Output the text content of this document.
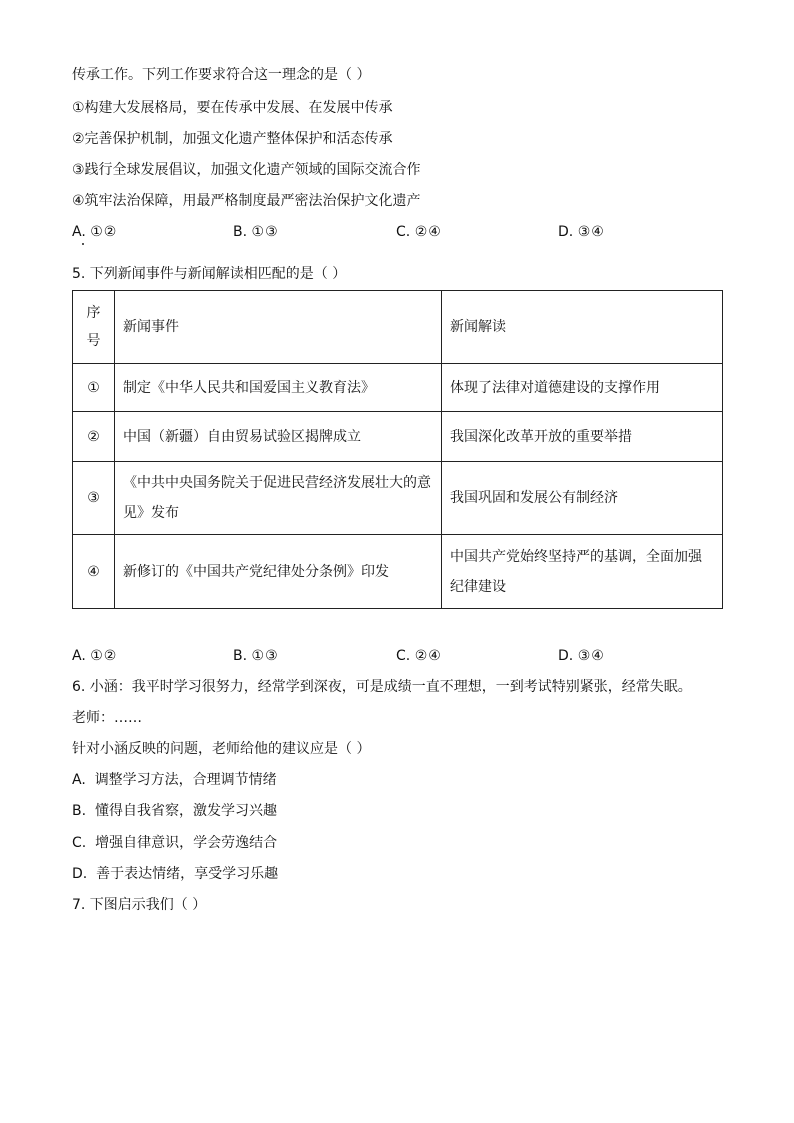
传承工作。下列工作要求符合这一理念的是（ ）
①构建大发展格局，要在传承中发展、在发展中传承
②完善保护机制，加强文化遗产整体保护和活态传承
③践行全球发展倡议，加强文化遗产领域的国际交流合作
④筑牢法治保障，用最严格制度最严密法治保护文化遗产
A. ①②	B. ①③	C. ②④	D. ③④
5. 下列新闻事件与新闻解读相匹配的是（ ）
序号	新闻事件	新闻解读
①	制定《中华人民共和国爱国主义教育法》	体现了法律对道德建设的支撑作用
②	中国（新疆）自由贸易试验区揭牌成立	我国深化改革开放的重要举措
③	《中共中央国务院关于促进民营经济发展壮大的意见》发布	我国巩固和发展公有制经济
④	新修订的《中国共产党纪律处分条例》印发	中国共产党始终坚持严的基调，全面加强纪律建设
A. ①②	B. ①③	C. ②④	D. ③④
6. 小涵：我平时学习很努力，经常学到深夜，可是成绩一直不理想，一到考试特别紧张，经常失眠。
老师：……
针对小涵反映的问题，老师给他的建议应是（ ）
A. 调整学习方法，合理调节情绪
B. 懂得自我省察，激发学习兴趣
C. 增强自律意识，学会劳逸结合
D. 善于表达情绪，享受学习乐趣
7. 下图启示我们（ ）
